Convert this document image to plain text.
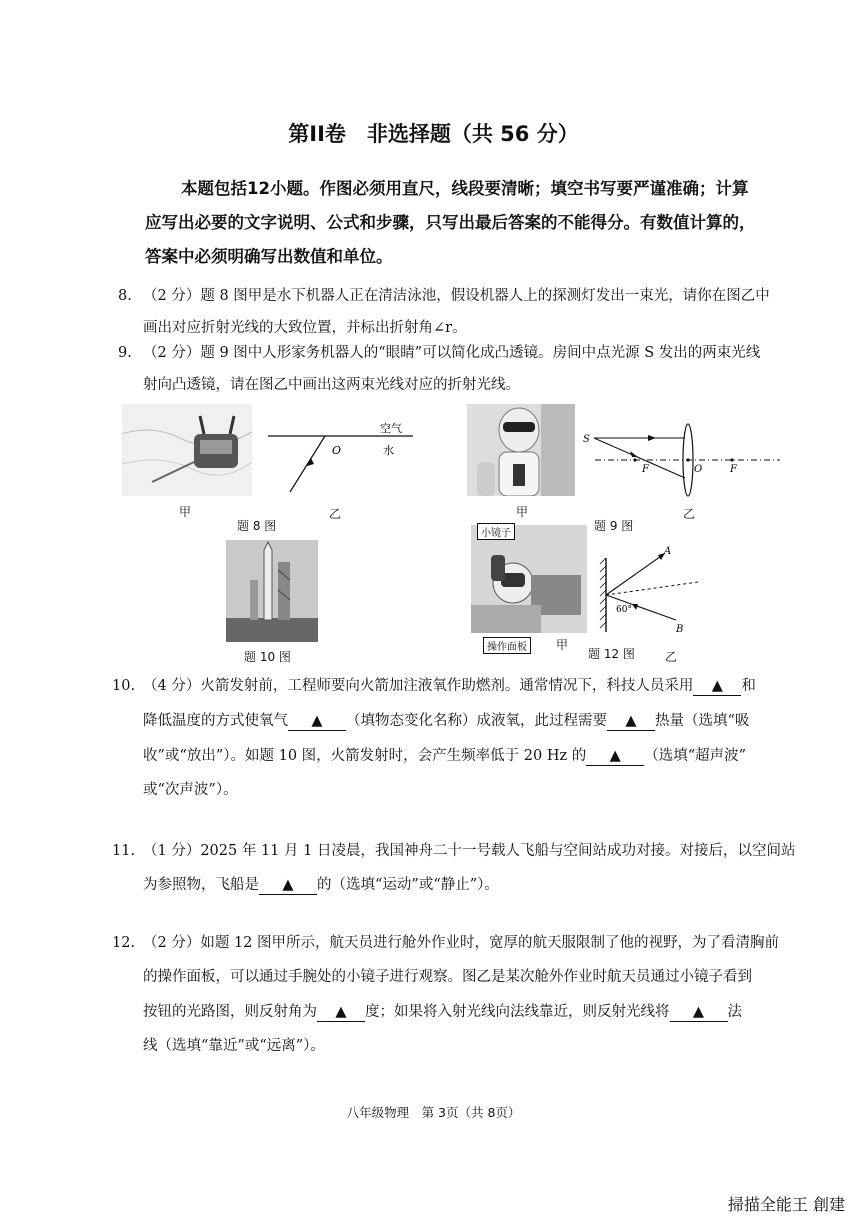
第II卷　非选择题（共 56 分）
本题包括12小题。作图必须用直尺，线段要清晰；填空书写要严谨准确；计算
应写出必要的文字说明、公式和步骤，只写出最后答案的不能得分。有数值计算的，
答案中必须明确写出数值和单位。
8. （2 分）题 8 图甲是水下机器人正在清洁泳池，假设机器人上的探测灯发出一束光，请你在图乙中
画出对应折射光线的大致位置，并标出折射角∠r。
9. （2 分）题 9 图中人形家务机器人的“眼睛”可以简化成凸透镜。房间中点光源 S 发出的两束光线
射向凸透镜，请在图乙中画出这两束光线对应的折射光线。
O
空气
水
甲
题 8 图
乙
S
F	O	F
甲
题 9 图
乙
题 10 图
小镜子
操作面板
A
B
60°
甲
题 12 图	乙
10. （4 分）火箭发射前，工程师要向火箭加注液氧作助燃剂。通常情况下，科技人员采用 ▲ 和
降低温度的方式使氧气 ▲ （填物态变化名称）成液氧，此过程需要 ▲ 热量（选填“吸
收”或“放出”）。如题 10 图，火箭发射时，会产生频率低于 20 Hz 的 ▲ （选填“超声波”
或“次声波”）。
11. （1 分）2025 年 11 月 1 日凌晨，我国神舟二十一号载人飞船与空间站成功对接。对接后，以空间站
为参照物，飞船是 ▲ 的（选填“运动”或“静止”）。
12. （2 分）如题 12 图甲所示，航天员进行舱外作业时，宽厚的航天服限制了他的视野，为了看清胸前
的操作面板，可以通过手腕处的小镜子进行观察。图乙是某次舱外作业时航天员通过小镜子看到
按钮的光路图，则反射角为 ▲ 度；如果将入射光线向法线靠近，则反射光线将 ▲ 法
线（选填“靠近”或“远离”）。
八年级物理　第 3页（共 8页）
掃描全能王 創建
